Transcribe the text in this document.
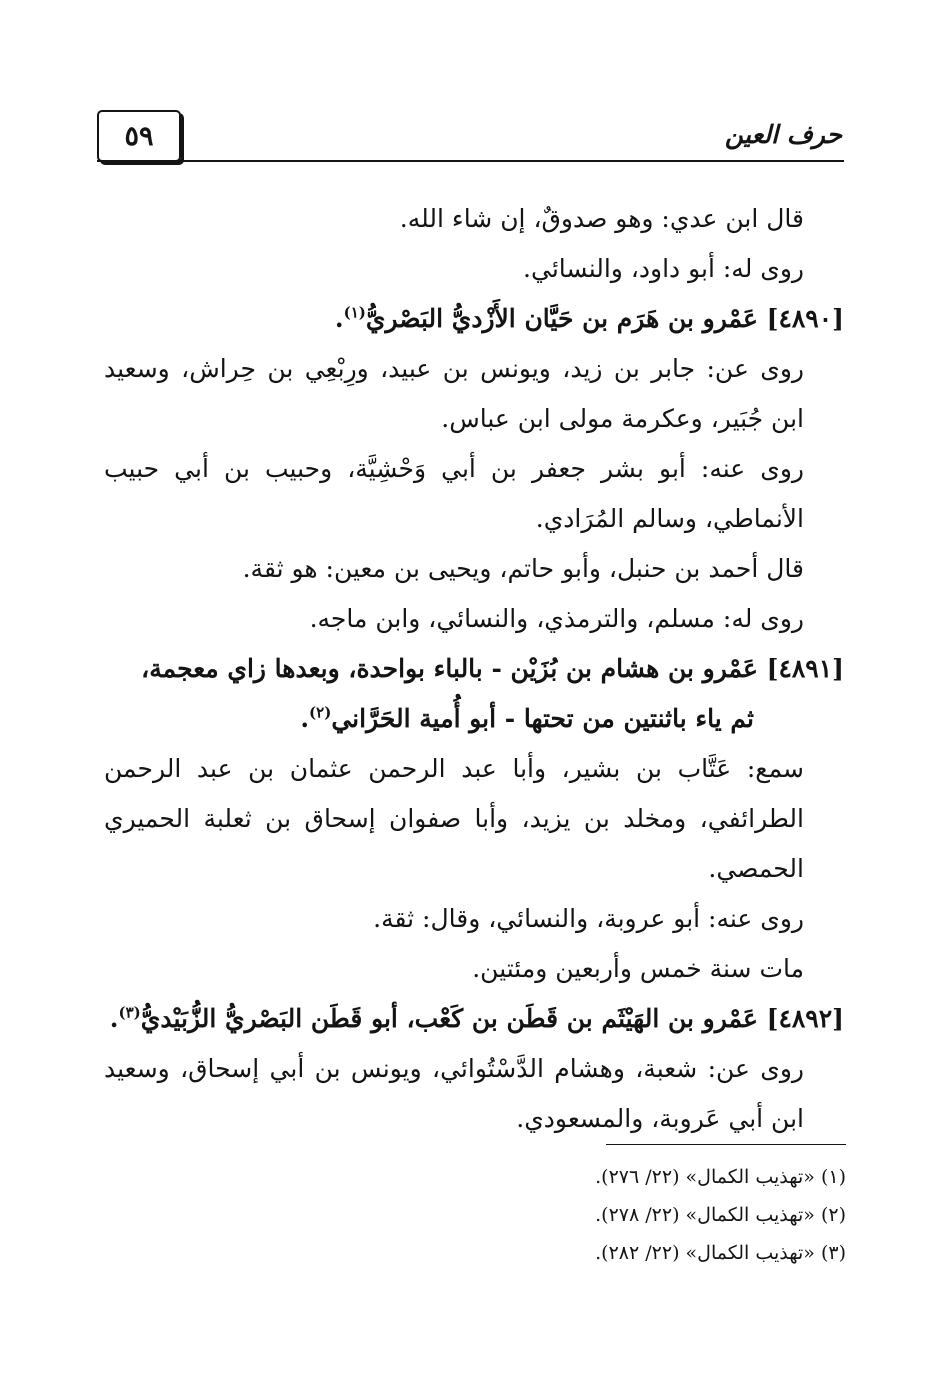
٥٩	حرف العين

قال ابن عدي: وهو صدوقٌ، إن شاء الله.

روى له: أبو داود، والنسائي.

[٤٨٩٠] عَمْرو بن هَرَم بن حَيَّان الأَزْديُّ البَصْريُّ$^{(١)}$.

روى عن: جابر بن زيد، ويونس بن عبيد، ورِبْعِي بن حِراش، وسعيد ابن جُبَير، وعكرمة مولى ابن عباس.

روى عنه: أبو بشر جعفر بن أبي وَحْشِيَّة، وحبيب بن أبي حبيب الأنماطي، وسالم المُرَادي.

قال أحمد بن حنبل، وأبو حاتم، ويحيى بن معين: هو ثقة.

روى له: مسلم، والترمذي، والنسائي، وابن ماجه.

[٤٨٩١] عَمْرو بن هشام بن بُزَيْن - بالباء بواحدة، وبعدها زاي معجمة،

ثم ياء باثنتين من تحتها - أبو أُمية الحَرَّاني$^{(٢)}$.

سمع: عَتَّاب بن بشير، وأبا عبد الرحمن عثمان بن عبد الرحمن الطرائفي، ومخلد بن يزيد، وأبا صفوان إسحاق بن ثعلبة الحميري الحمصي.

روى عنه: أبو عروبة، والنسائي، وقال: ثقة.

مات سنة خمس وأربعين ومئتين.

[٤٨٩٢] عَمْرو بن الهَيْثَم بن قَطَن بن كَعْب، أبو قَطَن البَصْريُّ الزُّبَيْديُّ$^{(٣)}$.

روى عن: شعبة، وهشام الدَّسْتُوائي، ويونس بن أبي إسحاق، وسعيد ابن أبي عَروبة، والمسعودي.

(١) «تهذيب الكمال» (٢٢/ ٢٧٦).

(٢) «تهذيب الكمال» (٢٢/ ٢٧٨).

(٣) «تهذيب الكمال» (٢٢/ ٢٨٢).
